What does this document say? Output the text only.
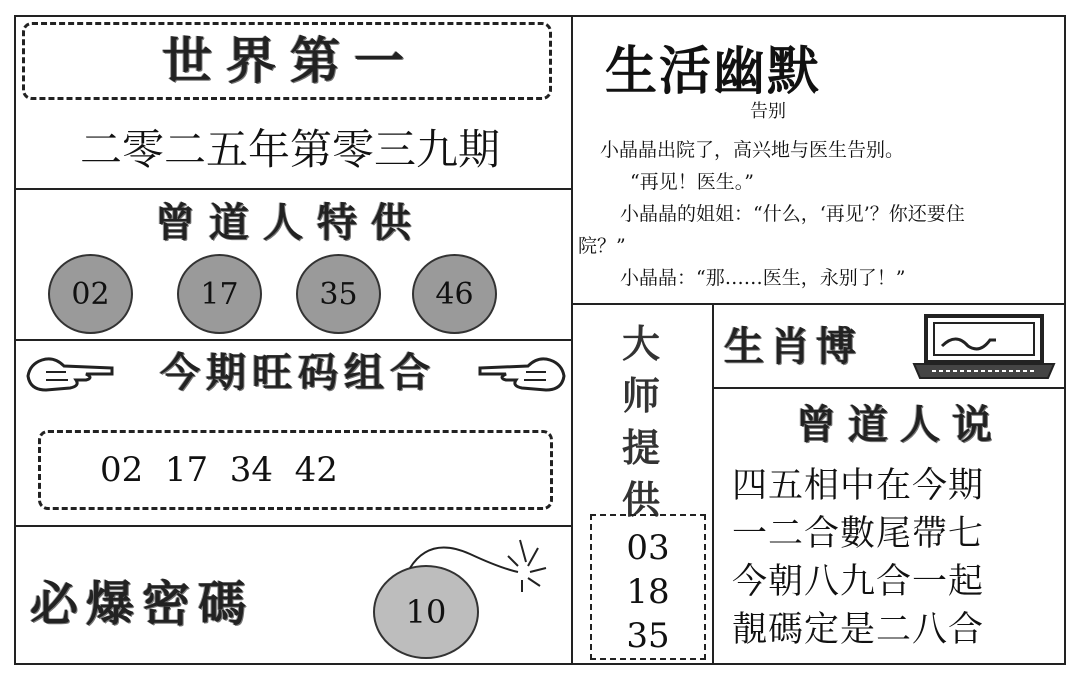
世界第一
二零二五年第零三九期
曾道人特供
02	17	35	46
今期旺码组合
02  17  34  42
必爆密碼	10
生活幽默
告别

小晶晶出院了，高兴地与医生告别。

“再见！医生。”

小晶晶的姐姐：“什么，‘再见’？你还要住

院？”

小晶晶：“那……医生，永别了！”

大
师
提
供
03
18
35
生肖博
曾道人说
四五相中在今期
一二合數尾帶七
今朝八九合一起
靚碼定是二八合
